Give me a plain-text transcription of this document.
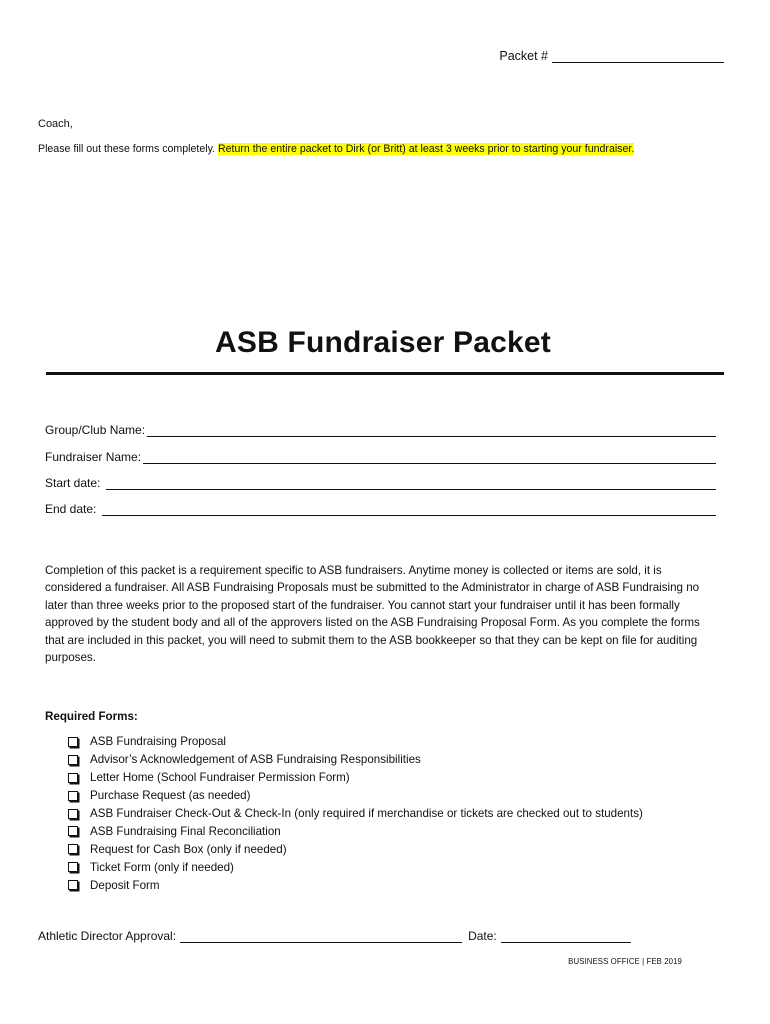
Packet #
Coach,
Please fill out these forms completely. Return the entire packet to Dirk (or Britt) at least 3 weeks prior to starting your fundraiser.
ASB Fundraiser Packet
Group/Club Name:
Fundraiser Name:
Start date:
End date:

Completion of this packet is a requirement specific to ASB fundraisers. Anytime money is collected or items are sold, it is considered a fundraiser. All ASB Fundraising Proposals must be submitted to the Administrator in charge of ASB Fundraising no later than three weeks prior to the proposed start of the fundraiser. You cannot start your fundraiser until it has been formally approved by the student body and all of the approvers listed on the ASB Fundraising Proposal Form. As you complete the forms that are included in this packet, you will need to submit them to the ASB bookkeeper so that they can be kept on file for auditing purposes.

Required Forms:
ASB Fundraising Proposal
Advisor’s Acknowledgement of ASB Fundraising Responsibilities
Letter Home (School Fundraiser Permission Form)
Purchase Request (as needed)
ASB Fundraiser Check-Out & Check-In (only required if merchandise or tickets are checked out to students)
ASB Fundraising Final Reconciliation
Request for Cash Box (only if needed)
Ticket Form (only if needed)
Deposit Form
Athletic Director Approval:	Date:
BUSINESS OFFICE | FEB 2019
